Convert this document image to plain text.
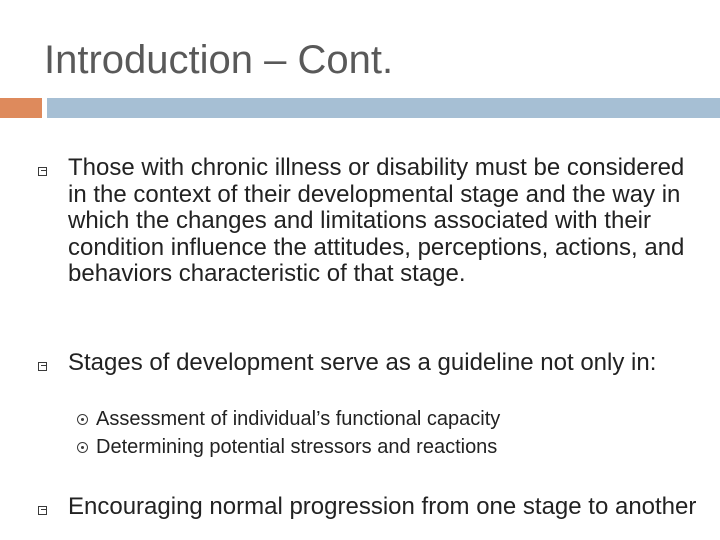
Introduction – Cont.
Those with chronic illness or disability must be considered in the context of their developmental stage and the way in which the changes and limitations associated with their condition influence the attitudes, perceptions, actions, and behaviors characteristic of that stage.
Stages of development serve as a guideline not only in:
Assessment of individual’s functional capacity
Determining potential stressors and reactions
Encouraging normal progression from one stage to another
